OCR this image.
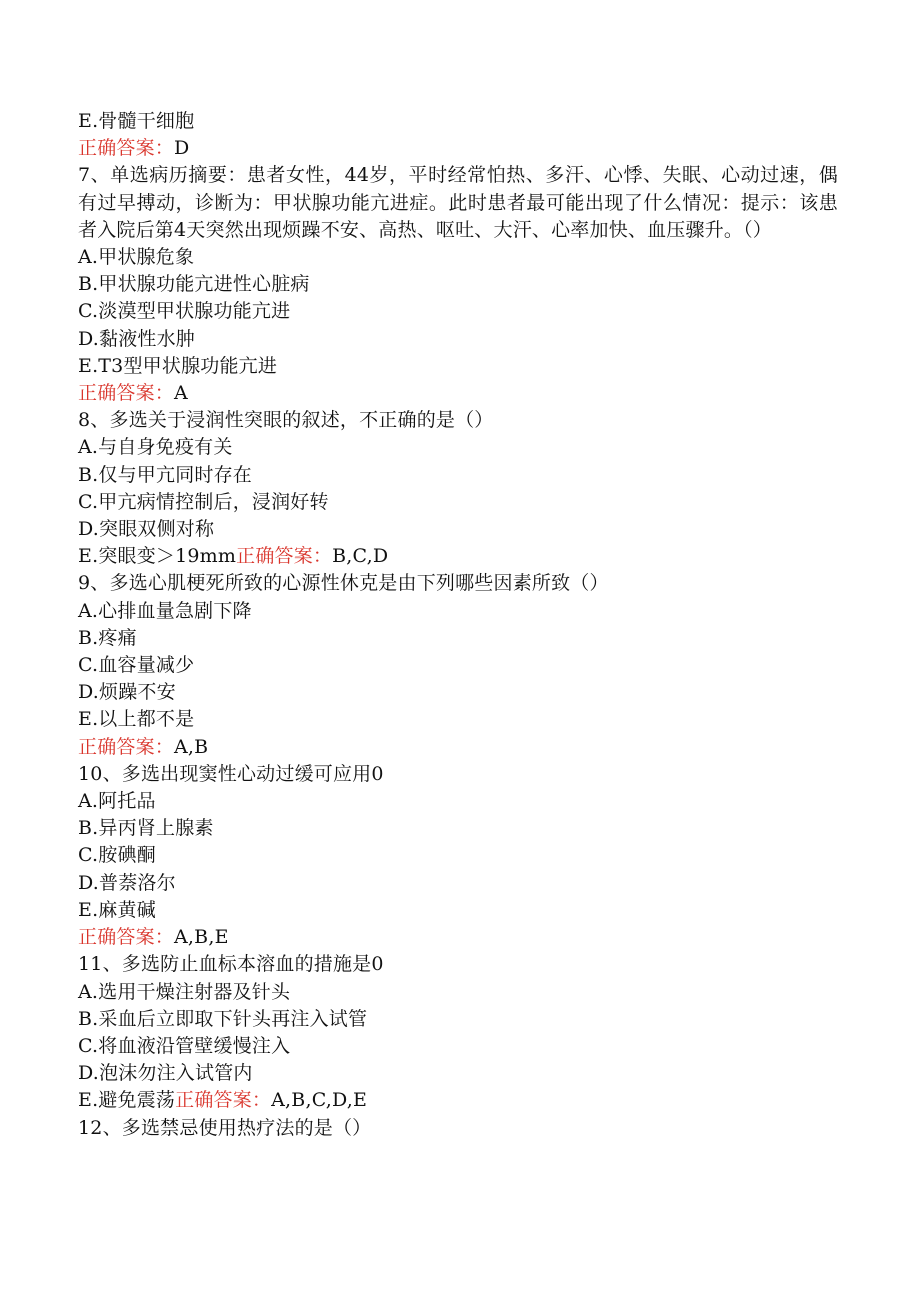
E.骨髓干细胞
正确答案：D
7、单选病历摘要：患者女性，44岁，平时经常怕热、多汗、心悸、失眠、心动过速，偶有过早搏动，诊断为：甲状腺功能亢进症。此时患者最可能出现了什么情况：提示：该患者入院后第4天突然出现烦躁不安、高热、呕吐、大汗、心率加快、血压骤升。（）
A.甲状腺危象
B.甲状腺功能亢进性心脏病
C.淡漠型甲状腺功能亢进
D.黏液性水肿
E.T3型甲状腺功能亢进
正确答案：A
8、多选关于浸润性突眼的叙述，不正确的是（）
A.与自身免疫有关
B.仅与甲亢同时存在
C.甲亢病情控制后，浸润好转
D.突眼双侧对称
E.突眼变＞19mm正确答案：B,C,D
9、多选心肌梗死所致的心源性休克是由下列哪些因素所致（）
A.心排血量急剧下降
B.疼痛
C.血容量减少
D.烦躁不安
E.以上都不是
正确答案：A,B
10、多选出现窦性心动过缓可应用0
A.阿托品
B.异丙肾上腺素
C.胺碘酮
D.普萘洛尔
E.麻黄碱
正确答案：A,B,E
11、多选防止血标本溶血的措施是0
A.选用干燥注射器及针头
B.采血后立即取下针头再注入试管
C.将血液沿管壁缓慢注入
D.泡沫勿注入试管内
E.避免震荡正确答案：A,B,C,D,E
12、多选禁忌使用热疗法的是（）
